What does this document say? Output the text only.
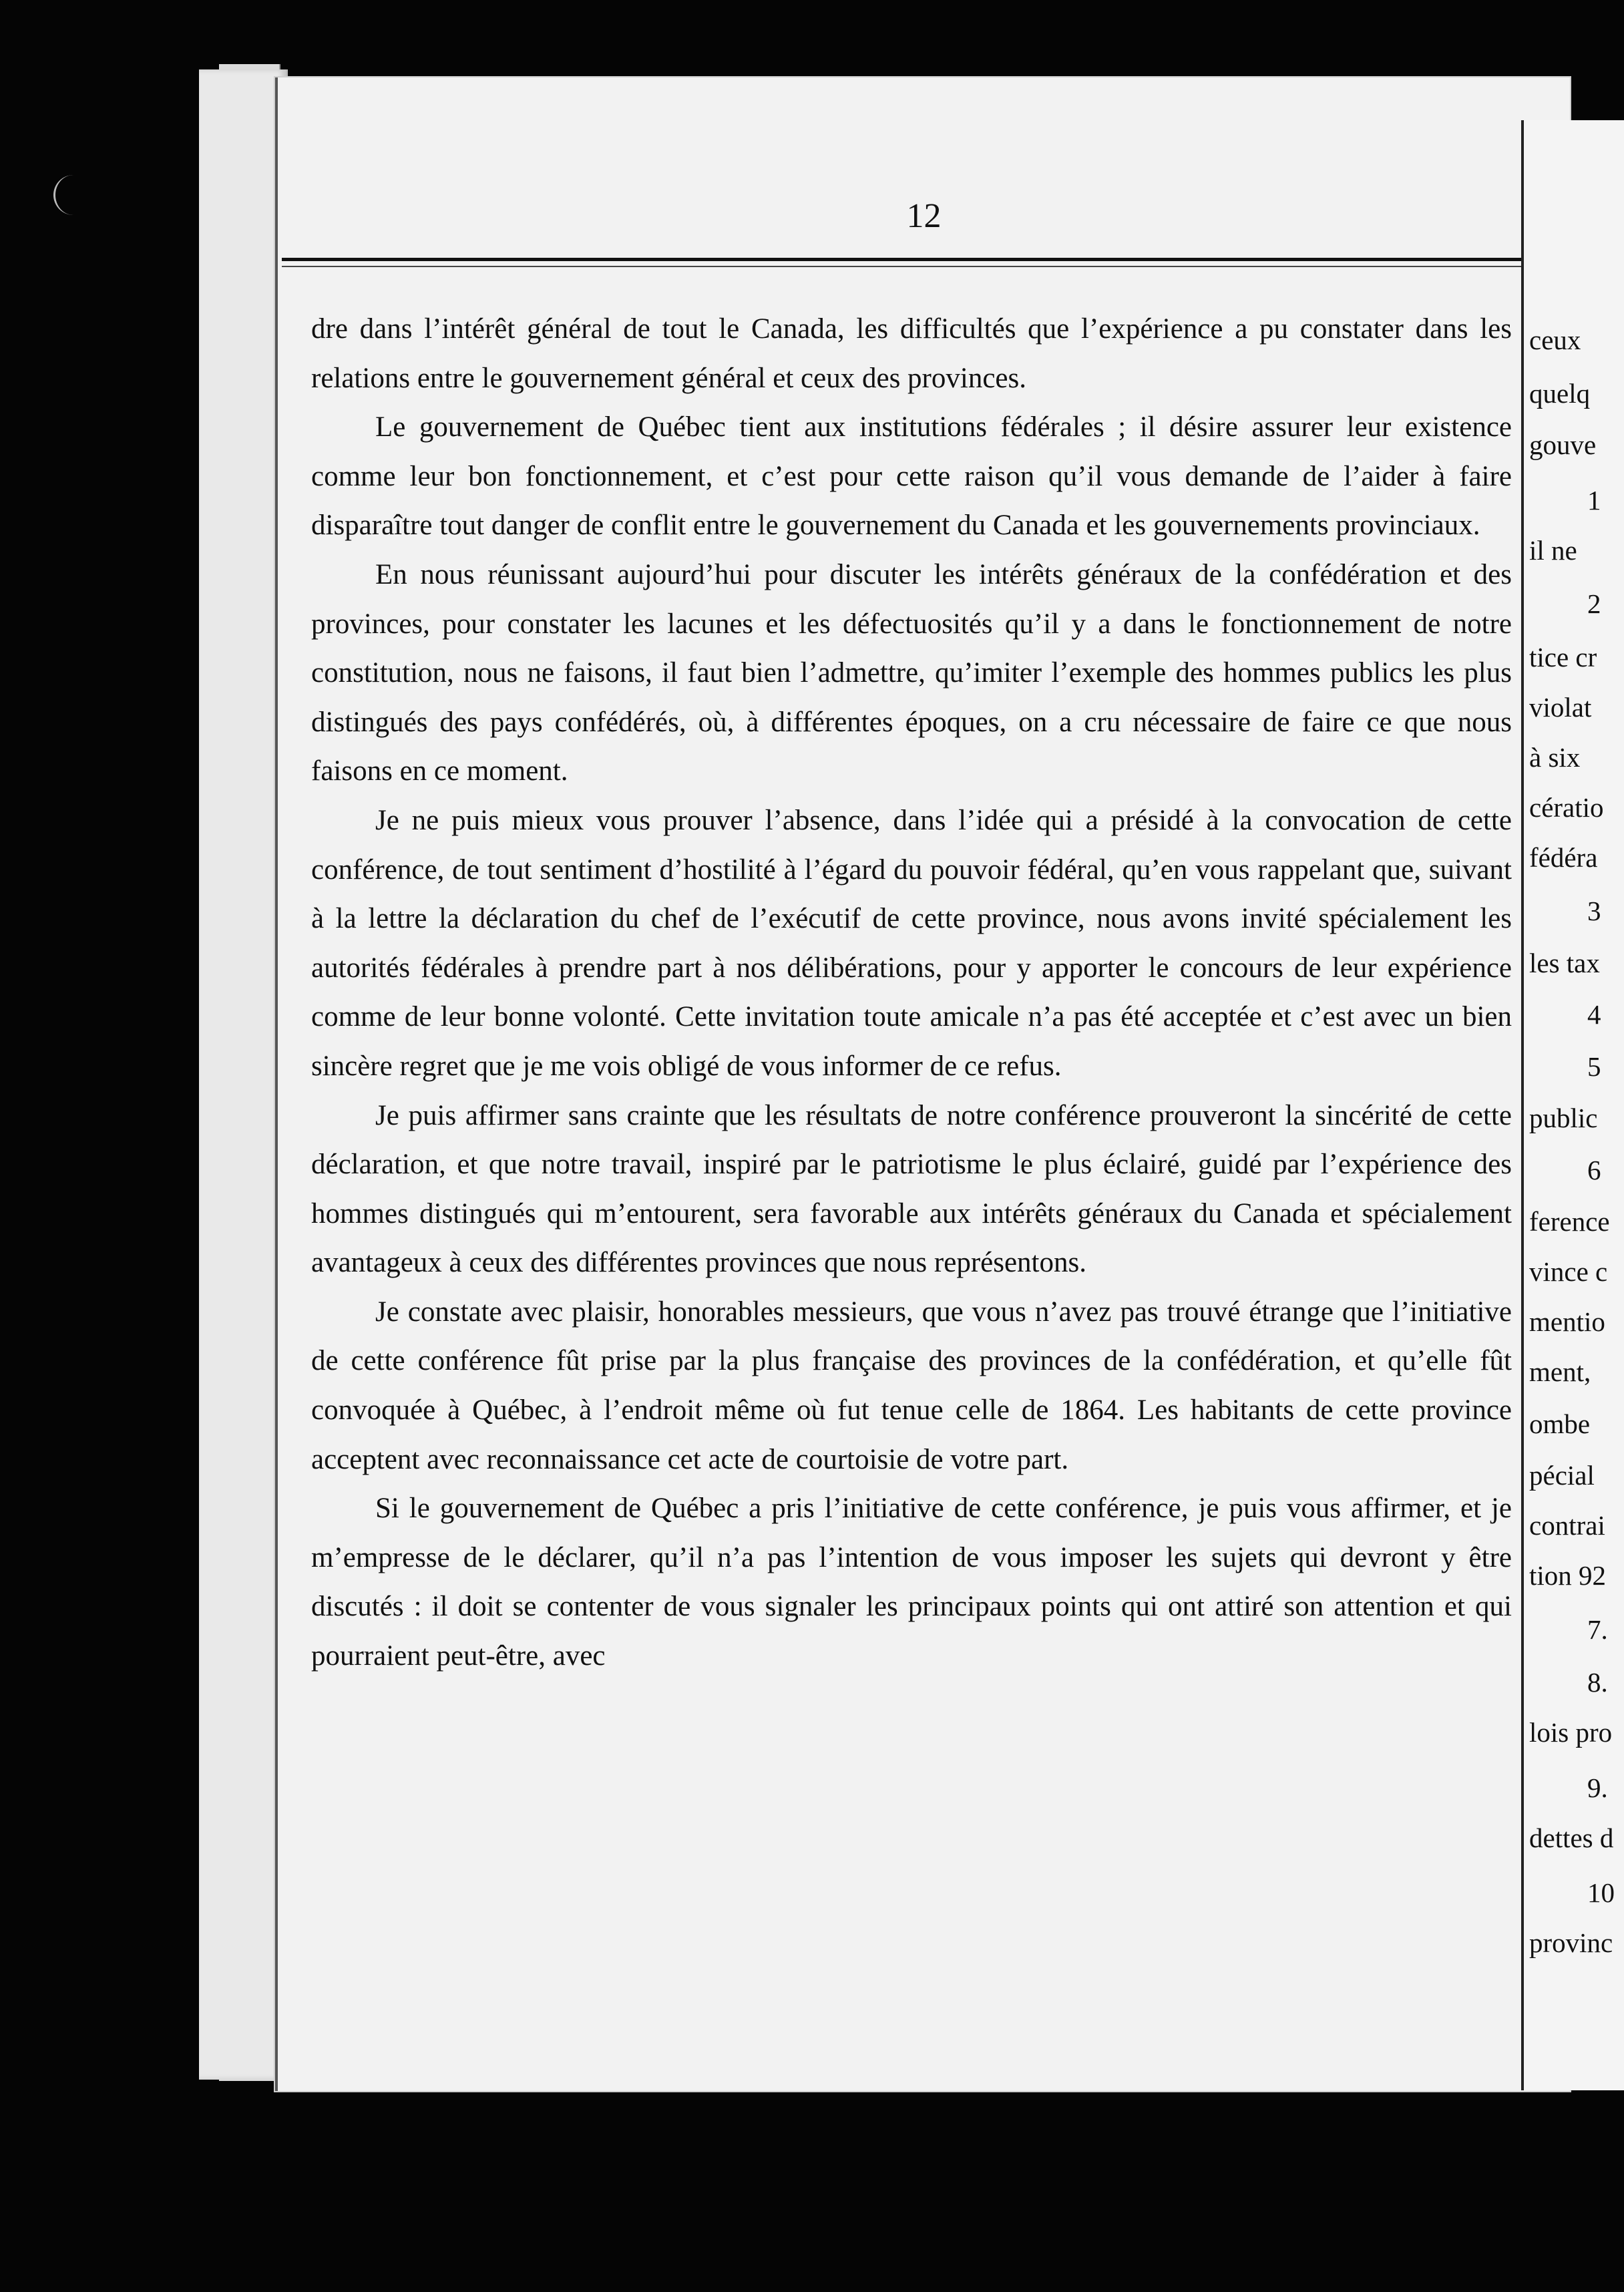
12

dre dans l’intérêt général de tout le Canada, les difficultés que l’expérience a pu constater dans les relations entre le gouvernement général et ceux des provinces.

Le gouvernement de Québec tient aux institutions fédérales ; il désire assurer leur existence comme leur bon fonctionnement, et c’est pour cette raison qu’il vous demande de l’aider à faire disparaître tout danger de conflit entre le gouvernement du Canada et les gouvernements provinciaux.

En nous réunissant aujourd’hui pour discuter les intérêts généraux de la confédération et des provinces, pour constater les lacunes et les défectuosités qu’il y a dans le fonctionnement de notre constitution, nous ne faisons, il faut bien l’admettre, qu’imiter l’exemple des hommes publics les plus distingués des pays confédérés, où, à différentes époques, on a cru nécessaire de faire ce que nous faisons en ce moment.

Je ne puis mieux vous prouver l’absence, dans l’idée qui a présidé à la convocation de cette conférence, de tout sentiment d’hostilité à l’égard du pouvoir fédéral, qu’en vous rappelant que, suivant à la lettre la déclaration du chef de l’exécutif de cette province, nous avons invité spécialement les autorités fédérales à prendre part à nos délibérations, pour y apporter le concours de leur expérience comme de leur bonne volonté. Cette invitation toute amicale n’a pas été acceptée et c’est avec un bien sincère regret que je me vois obligé de vous informer de ce refus.

Je puis affirmer sans crainte que les résultats de notre conférence prouveront la sincérité de cette déclaration, et que notre travail, inspiré par le patriotisme le plus éclairé, guidé par l’expérience des hommes distingués qui m’entourent, sera favorable aux intérêts généraux du Canada et spécialement avantageux à ceux des différentes provinces que nous représentons.

Je constate avec plaisir, honorables messieurs, que vous n’avez pas trouvé étrange que l’initiative de cette conférence fût prise par la plus française des provinces de la confédération, et qu’elle fût convoquée à Québec, à l’endroit même où fut tenue celle de 1864. Les habitants de cette province acceptent avec reconnaissance cet acte de courtoisie de votre part.

Si le gouvernement de Québec a pris l’initiative de cette conférence, je puis vous affirmer, et je m’empresse de le déclarer, qu’il n’a pas l’intention de vous imposer les sujets qui devront y être discutés : il doit se contenter de vous signaler les principaux points qui ont attiré son attention et qui pourraient peut-être, avec

ceux
quelq
gouve
1
il ne
2
tice cr
violat
à six
cératio
fédéra
3
les tax
4
5
public
6
ference
vince c
mentio
ment,
ombe
pécial
contrai
tion 92
7.
8.
lois pro
9.
dettes d
10
provinc
